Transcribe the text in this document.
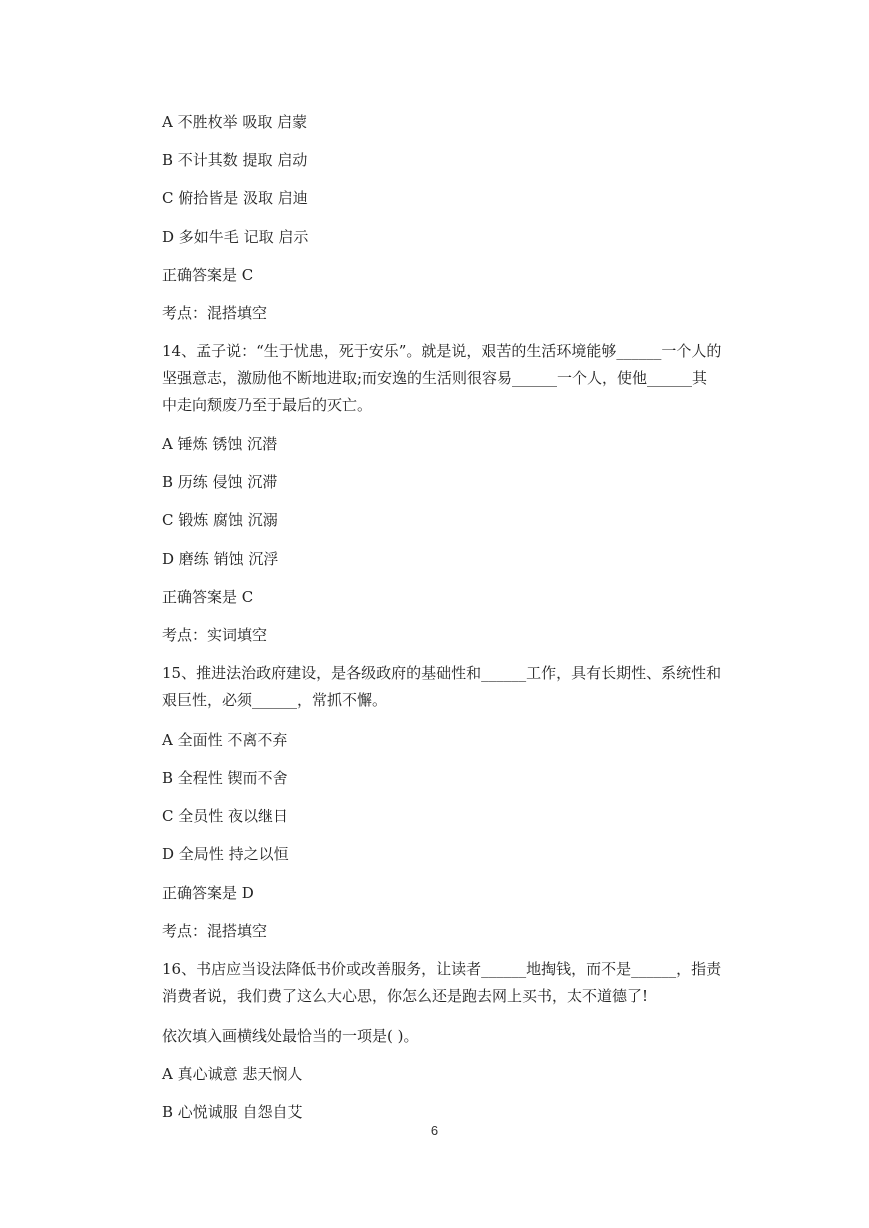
A 不胜枚举 吸取 启蒙
B 不计其数 提取 启动
C 俯拾皆是 汲取 启迪
D 多如牛毛 记取 启示
正确答案是 C
考点：混搭填空
14、孟子说：“生于忧患，死于安乐”。就是说，艰苦的生活环境能够______一个人的坚强意志，激励他不断地进取;而安逸的生活则很容易______一个人，使他______其中走向颓废乃至于最后的灭亡。
A 锤炼 锈蚀 沉潜
B 历练 侵蚀 沉滞
C 锻炼 腐蚀 沉溺
D 磨练 销蚀 沉浮
正确答案是 C
考点：实词填空
15、推进法治政府建设，是各级政府的基础性和______工作，具有长期性、系统性和艰巨性，必须______，常抓不懈。
A 全面性 不离不弃
B 全程性 锲而不舍
C 全员性 夜以继日
D 全局性 持之以恒
正确答案是 D
考点：混搭填空
16、书店应当设法降低书价或改善服务，让读者______地掏钱，而不是______，指责消费者说，我们费了这么大心思，你怎么还是跑去网上买书，太不道德了!
依次填入画横线处最恰当的一项是( )。
A 真心诚意 悲天悯人
B 心悦诚服 自怨自艾
6
